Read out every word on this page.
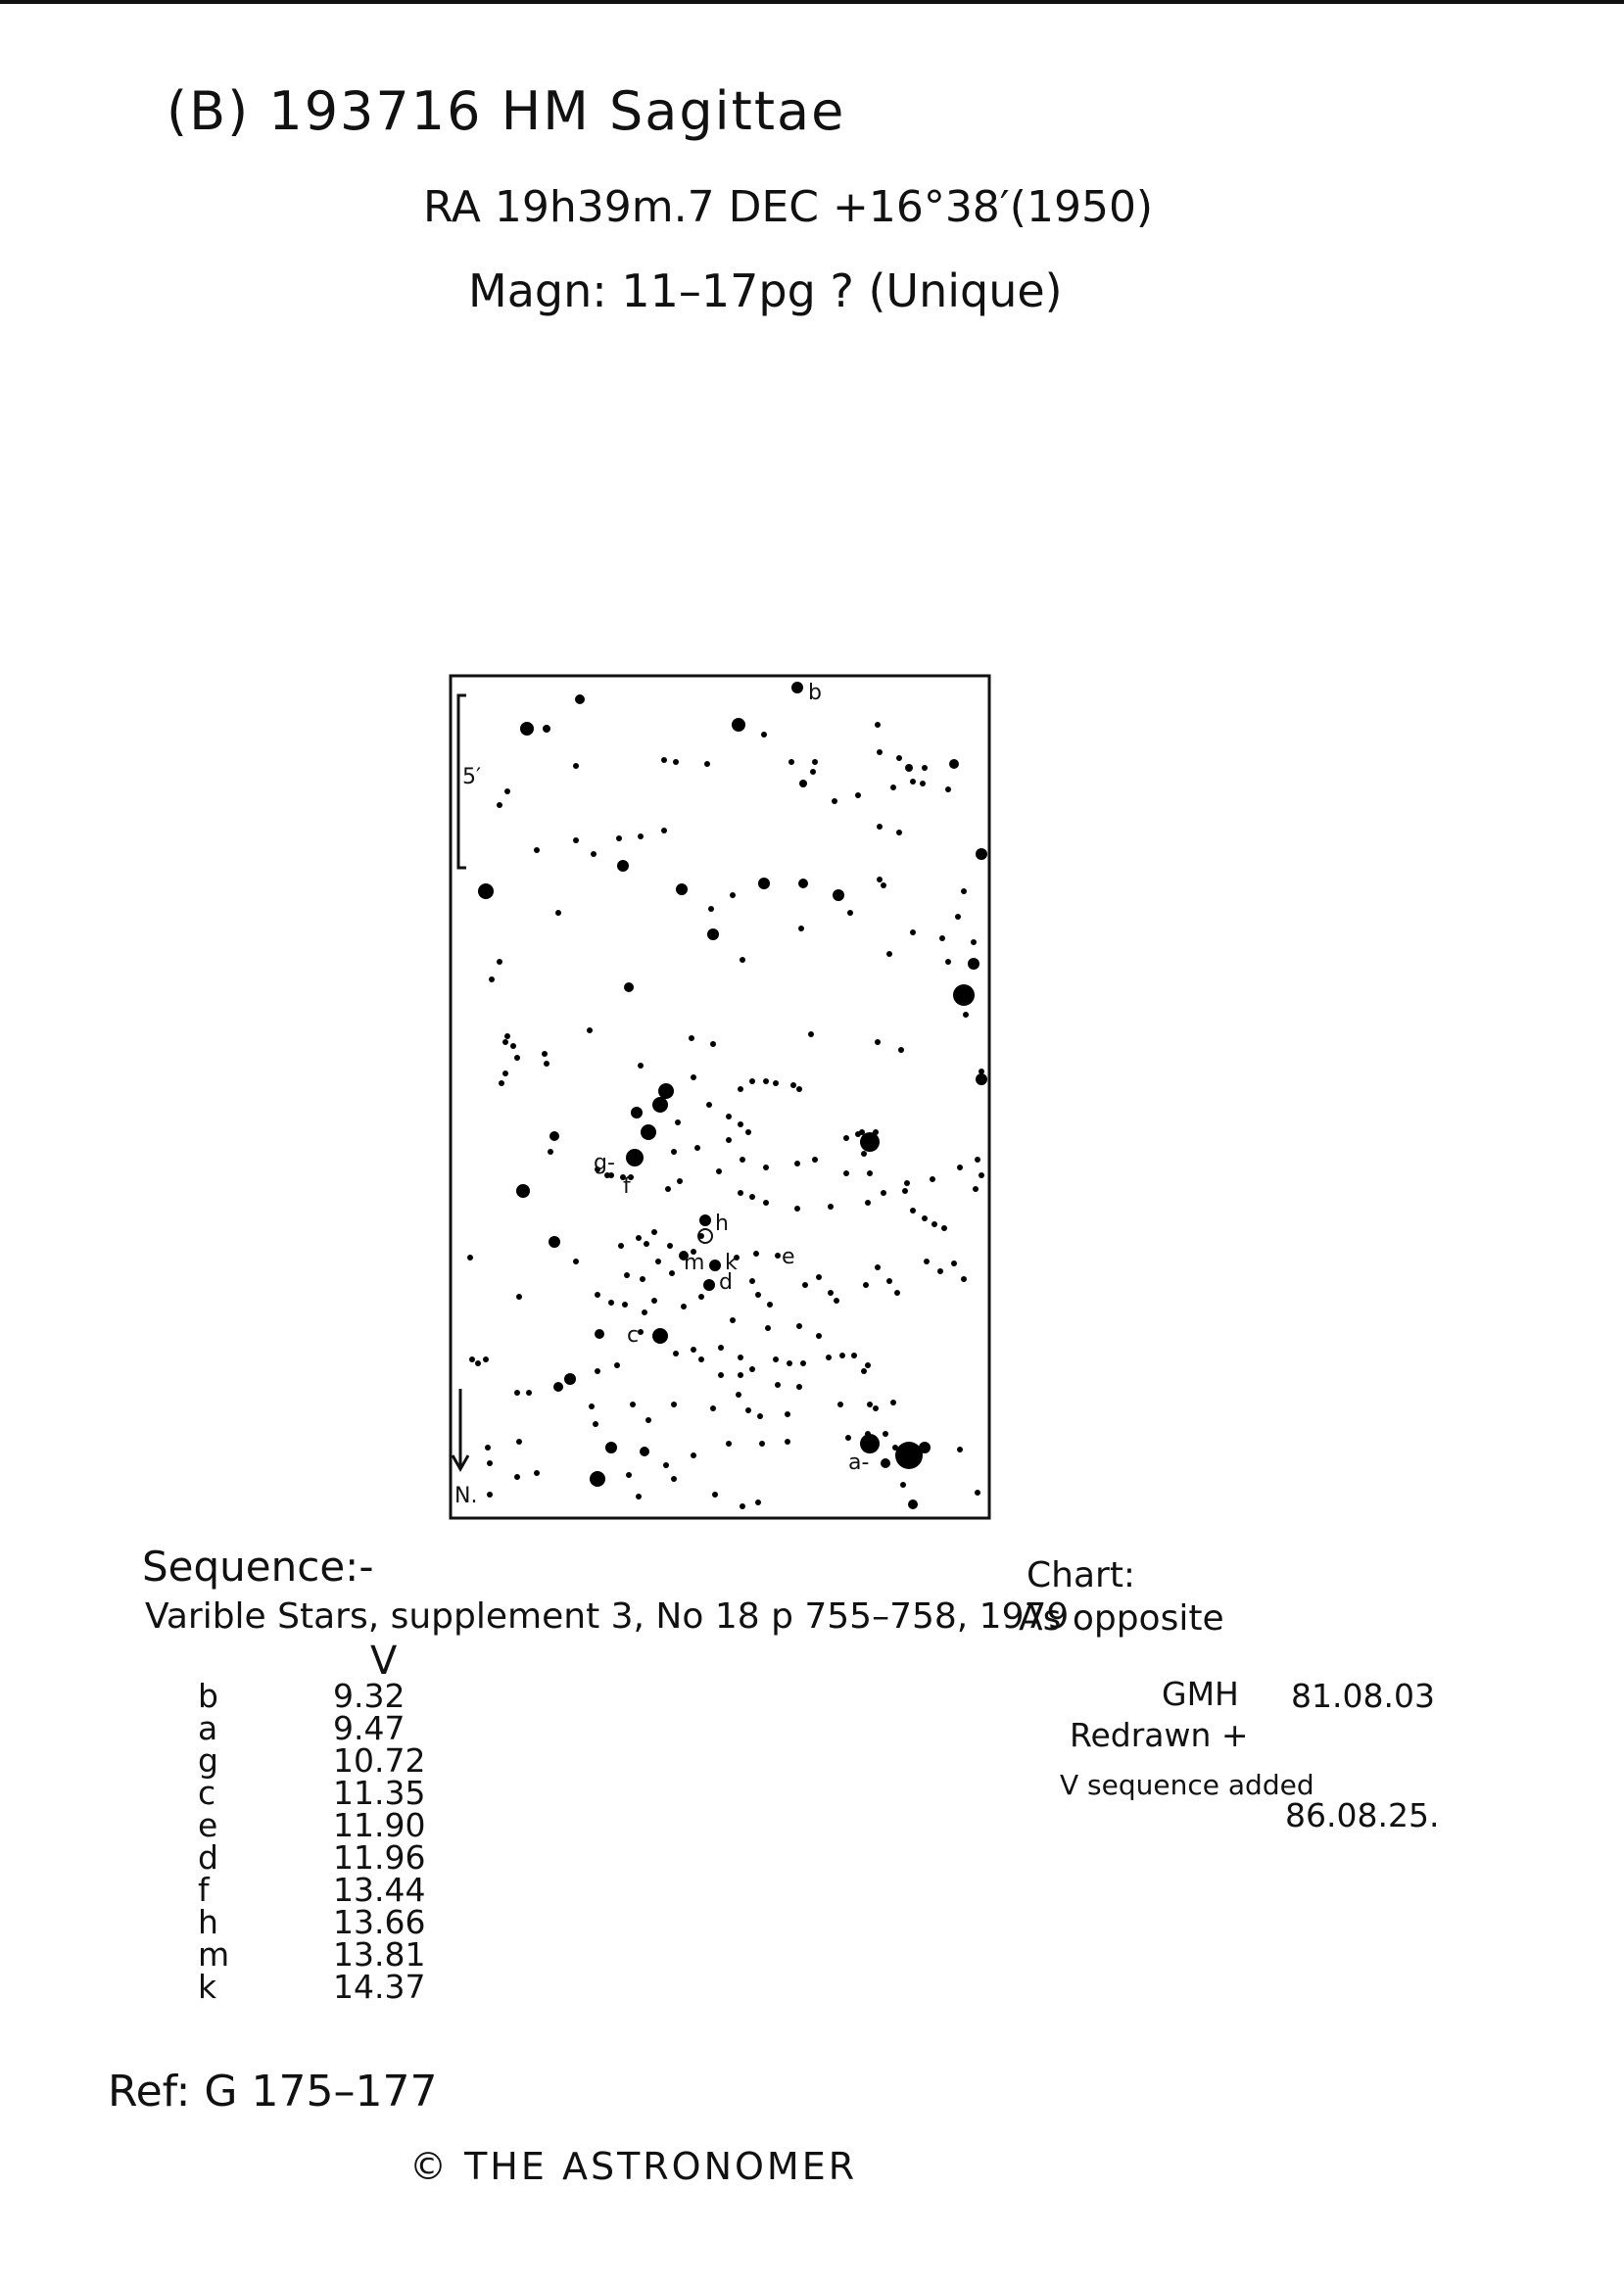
(B) 193716 HM Sagittae
RA 19h39m.7 DEC +16°38′(1950)
Magn: 11–17pg ? (Unique)
5′
N.
b
a-
g-
f
h
k
m
d
e
c
Sequence:-
Varible Stars, supplement 3, No 18 p 755–758, 1979
V
b	9.32
a	9.47
g	10.72
c	11.35
e	11.90
d	11.96
f	13.44
h	13.66
m	13.81
k	14.37
Chart:
As opposite
GMH 81.08.03
Redrawn +
V sequence added
86.08.25.
Ref: G 175–177
© THE ASTRONOMER
